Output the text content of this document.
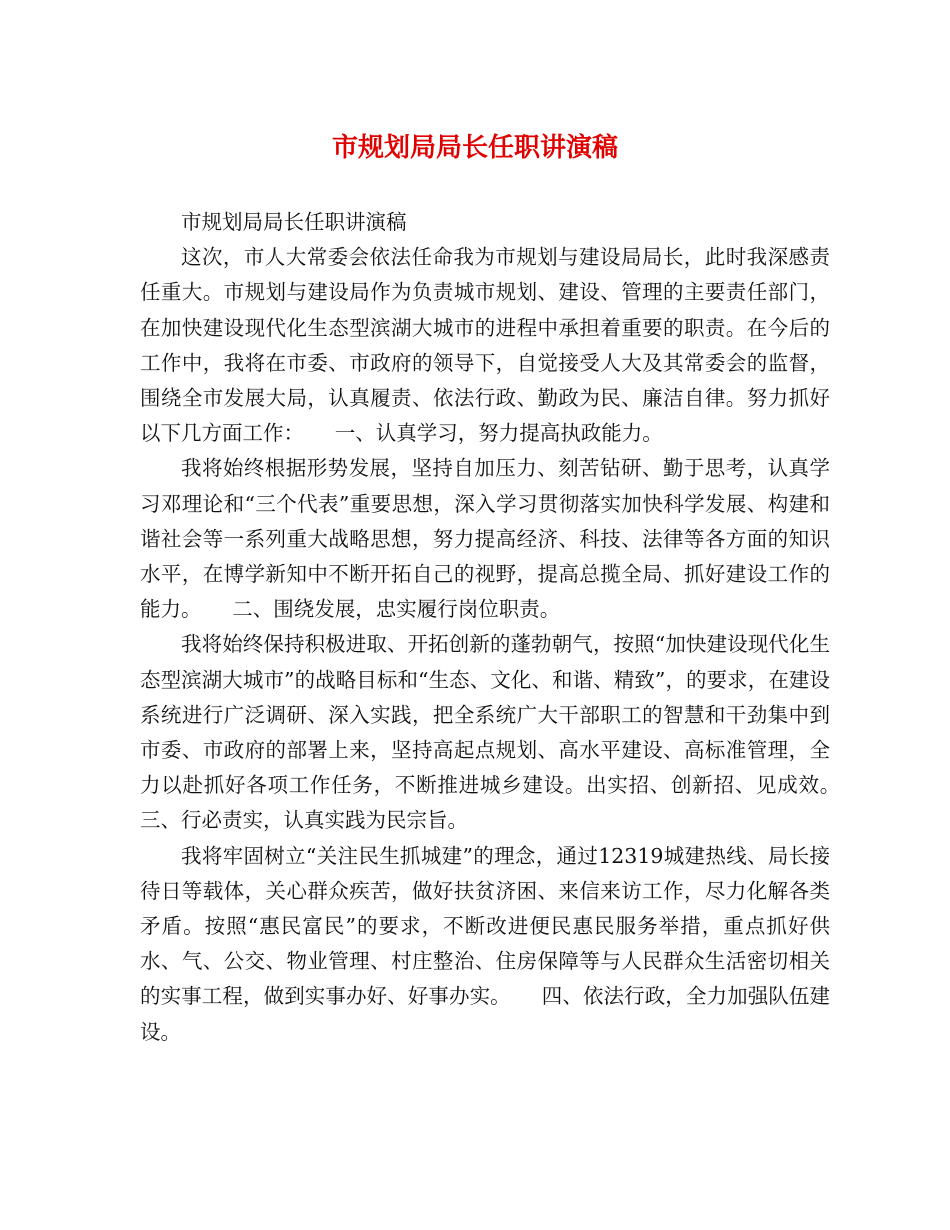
市规划局局长任职讲演稿

市规划局局长任职讲演稿

这次，市人大常委会依法任命我为市规划与建设局局长，此时我深感责任重大。市规划与建设局作为负责城市规划、建设、管理的主要责任部门，在加快建设现代化生态型滨湖大城市的进程中承担着重要的职责。在今后的工作中，我将在市委、市政府的领导下，自觉接受人大及其常委会的监督，围绕全市发展大局，认真履责、依法行政、勤政为民、廉洁自律。努力抓好以下几方面工作：　　一、认真学习，努力提高执政能力。

我将始终根据形势发展，坚持自加压力、刻苦钻研、勤于思考，认真学习邓理论和“三个代表”重要思想，深入学习贯彻落实加快科学发展、构建和谐社会等一系列重大战略思想，努力提高经济、科技、法律等各方面的知识水平，在博学新知中不断开拓自己的视野，提高总揽全局、抓好建设工作的能力。　　二、围绕发展，忠实履行岗位职责。

我将始终保持积极进取、开拓创新的蓬勃朝气，按照“加快建设现代化生态型滨湖大城市”的战略目标和“生态、文化、和谐、精致”，的要求，在建设系统进行广泛调研、深入实践，把全系统广大干部职工的智慧和干劲集中到市委、市政府的部署上来，坚持高起点规划、高水平建设、高标准管理，全力以赴抓好各项工作任务，不断推进城乡建设。出实招、创新招、见成效。　　三、行必责实，认真实践为民宗旨。

我将牢固树立“关注民生抓城建”的理念，通过12319城建热线、局长接待日等载体，关心群众疾苦，做好扶贫济困、来信来访工作，尽力化解各类矛盾。按照“惠民富民”的要求，不断改进便民惠民服务举措，重点抓好供水、气、公交、物业管理、村庄整治、住房保障等与人民群众生活密切相关的实事工程，做到实事办好、好事办实。　　四、依法行政，全力加强队伍建设。
